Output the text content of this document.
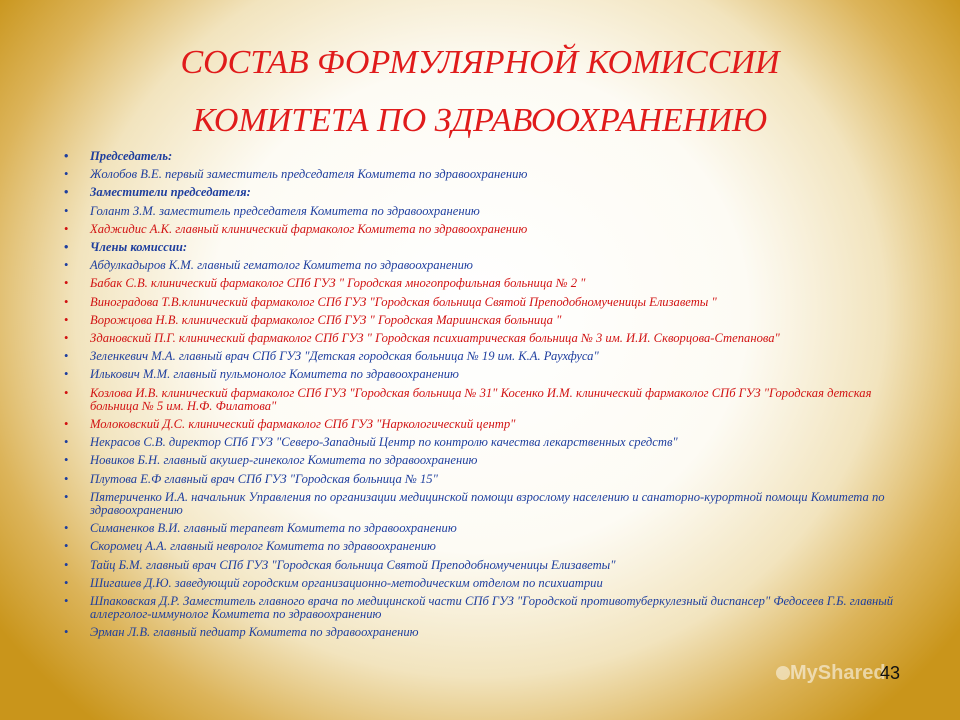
СОСТАВ ФОРМУЛЯРНОЙ КОМИССИИ
КОМИТЕТА ПО ЗДРАВООХРАНЕНИЮ
• Председатель:
• Жолобов В.Е. первый заместитель председателя Комитета по здравоохранению
• Заместители председателя:
• Голант З.М. заместитель председателя Комитета по здравоохранению
• Хаджидис А.К. главный клинический фармаколог Комитета по здравоохранению
• Члены комиссии:
• Абдулкадыров К.М. главный гематолог Комитета по здравоохранению
• Бабак С.В. клинический фармаколог СПб ГУЗ " Городская многопрофильная больница № 2 "
• Виноградова Т.В.клинический фармаколог СПб ГУЗ "Городская больница Святой Преподобномученицы Елизаветы "
• Ворожцова Н.В. клинический фармаколог СПб ГУЗ " Городская Мариинская больница "
• Здановский П.Г. клинический фармаколог СПб ГУЗ " Городская психиатрическая больница № 3 им. И.И. Скворцова-Степанова"
• Зеленкевич М.А. главный врач СПб ГУЗ "Детская городская больница № 19 им. К.А. Раухфуса"
• Илькович М.М. главный пульмонолог Комитета по здравоохранению
• Козлова И.В. клинический фармаколог СПб ГУЗ "Городская больница № 31" Косенко И.М. клинический фармаколог СПб ГУЗ "Городская детская больница № 5 им. Н.Ф. Филатова"
• Молоковский Д.С. клинический фармаколог СПб ГУЗ "Наркологический центр"
• Некрасов С.В. директор СПб ГУЗ "Северо-Западный Центр по контролю качества лекарственных средств"
• Новиков Б.Н. главный акушер-гинеколог Комитета по здравоохранению
• Плутова Е.Ф главный врач СПб ГУЗ "Городская больница № 15"
• Пятериченко И.А. начальник Управления по организации медицинской помощи взрослому населению и санаторно-курортной помощи Комитета по здравоохранению
• Симаненков В.И. главный терапевт Комитета по здравоохранению
• Скоромец А.А. главный невролог Комитета по здравоохранению
• Тайц Б.М. главный врач СПб ГУЗ "Городская больница Святой Преподобномученицы Елизаветы"
• Шигашев Д.Ю. заведующий городским организационно-методическим отделом по психиатрии
• Шпаковская Д.Р. Заместитель главного врача по медицинской части СПб ГУЗ "Городской противотуберкулезный диспансер" Федосеев Г.Б. главный аллерголог-иммунолог Комитета по здравоохранению
• Эрман Л.В. главный педиатр Комитета по здравоохранению
MyShared
43
